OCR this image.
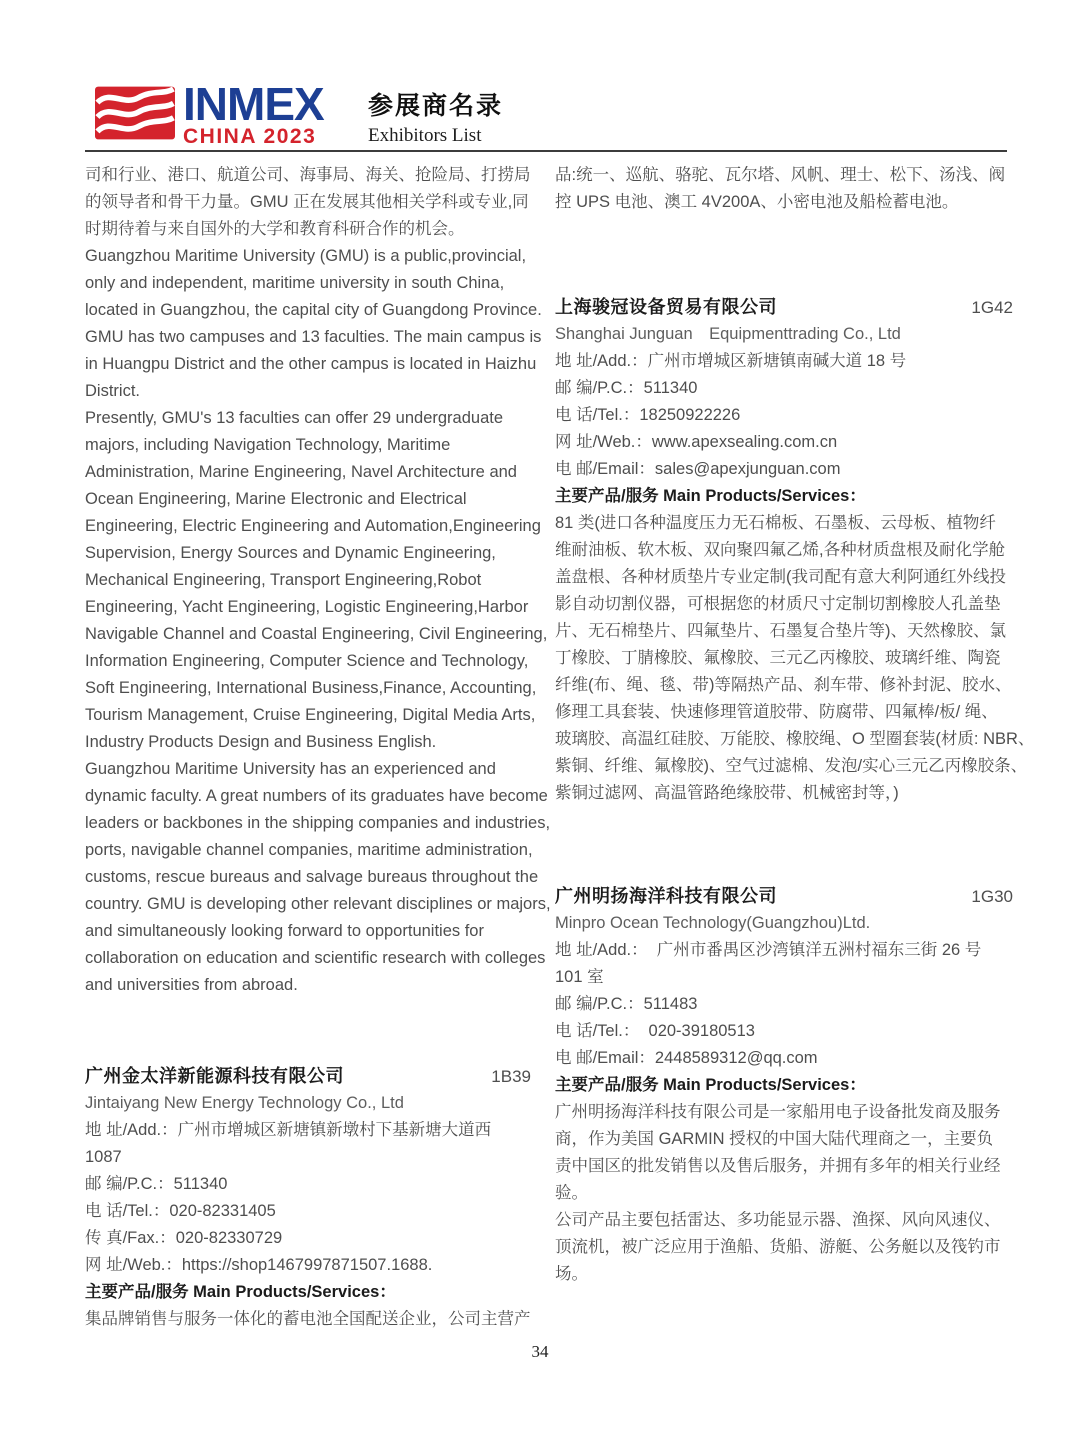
INMEX
CHINA 2023
参展商名录
Exhibitors List
司和行业、港口、航道公司、海事局、海关、抢险局、打捞局
的领导者和骨干力量。GMU 正在发展其他相关学科或专业,同
时期待着与来自国外的大学和教育科研合作的机会。
Guangzhou Maritime University (GMU) is a public,provincial,
only and independent, maritime university in south China,
located in Guangzhou, the capital city of Guangdong Province.
GMU has two campuses and 13 faculties. The main campus is
in Huangpu District and the other campus is located in Haizhu
District.
Presently, GMU's 13 faculties can offer 29 undergraduate
majors, including Navigation Technology, Maritime
Administration, Marine Engineering, Navel Architecture and
Ocean Engineering, Marine Electronic and Electrical
Engineering, Electric Engineering and Automation,Engineering
Supervision, Energy Sources and Dynamic Engineering,
Mechanical Engineering, Transport Engineering,Robot
Engineering, Yacht Engineering, Logistic Engineering,Harbor
Navigable Channel and Coastal Engineering, Civil Engineering,
Information Engineering, Computer Science and Technology,
Soft Engineering, International Business,Finance, Accounting,
Tourism Management, Cruise Engineering, Digital Media Arts,
Industry Products Design and Business English.
Guangzhou Maritime University has an experienced and
dynamic faculty. A great numbers of its graduates have become
leaders or backbones in the shipping companies and industries,
ports, navigable channel companies, maritime administration,
customs, rescue bureaus and salvage bureaus throughout the
country. GMU is developing other relevant disciplines or majors,
and simultaneously looking forward to opportunities for
collaboration on education and scientific research with colleges
and universities from abroad.
广州金太洋新能源科技有限公司	1B39
Jintaiyang New Energy Technology Co., Ltd
地 址/Add.：广州市增城区新塘镇新墩村下基新塘大道西
1087
邮 编/P.C.：511340
电 话/Tel.：020-82331405
传 真/Fax.：020-82330729
网 址/Web.：https://shop1467997871507.1688.
主要产品/服务 Main Products/Services：
集品牌销售与服务一体化的蓄电池全国配送企业，公司主营产
品:统一、巡航、骆驼、瓦尔塔、风帆、理士、松下、汤浅、阀
控 UPS 电池、澳工 4V200A、小密电池及船检蓄电池。
上海骏冠设备贸易有限公司	1G42
Shanghai Junguan　Equipmenttrading Co., Ltd
地 址/Add.：广州市增城区新塘镇南碱大道 18 号
邮 编/P.C.：511340
电 话/Tel.：18250922226
网 址/Web.：www.apexsealing.com.cn
电 邮/Email：sales@apexjunguan.com
主要产品/服务 Main Products/Services：
81 类(进口各种温度压力无石棉板、石墨板、云母板、植物纤
维耐油板、软木板、双向聚四氟乙烯,各种材质盘根及耐化学舱
盖盘根、各种材质垫片专业定制(我司配有意大利阿通红外线投
影自动切割仪器，可根据您的材质尺寸定制切割橡胶人孔盖垫
片、无石棉垫片、四氟垫片、石墨复合垫片等)、天然橡胶、氯
丁橡胶、丁腈橡胶、氟橡胶、三元乙丙橡胶、玻璃纤维、陶瓷
纤维(布、绳、毯、带)等隔热产品、刹车带、修补封泥、胶水、
修理工具套装、快速修理管道胶带、防腐带、四氟棒/板/ 绳、
玻璃胶、高温红硅胶、万能胶、橡胶绳、O 型圈套装(材质: NBR、
紫铜、纤维、氟橡胶)、空气过滤棉、发泡/实心三元乙丙橡胶条、
紫铜过滤网、高温管路绝缘胶带、机械密封等，)
广州明扬海洋科技有限公司	1G30
Minpro Ocean Technology(Guangzhou)Ltd.
地 址/Add.：  广州市番禺区沙湾镇洋五洲村福东三街 26 号
101 室
邮 编/P.C.：511483
电 话/Tel.：  020-39180513
电 邮/Email：2448589312@qq.com
主要产品/服务 Main Products/Services：
广州明扬海洋科技有限公司是一家船用电子设备批发商及服务
商，作为美国 GARMIN 授权的中国大陆代理商之一，主要负
责中国区的批发销售以及售后服务，并拥有多年的相关行业经
验。
公司产品主要包括雷达、多功能显示器、渔探、风向风速仪、
顶流机，被广泛应用于渔船、货船、游艇、公务艇以及筏钓市
场。
34
